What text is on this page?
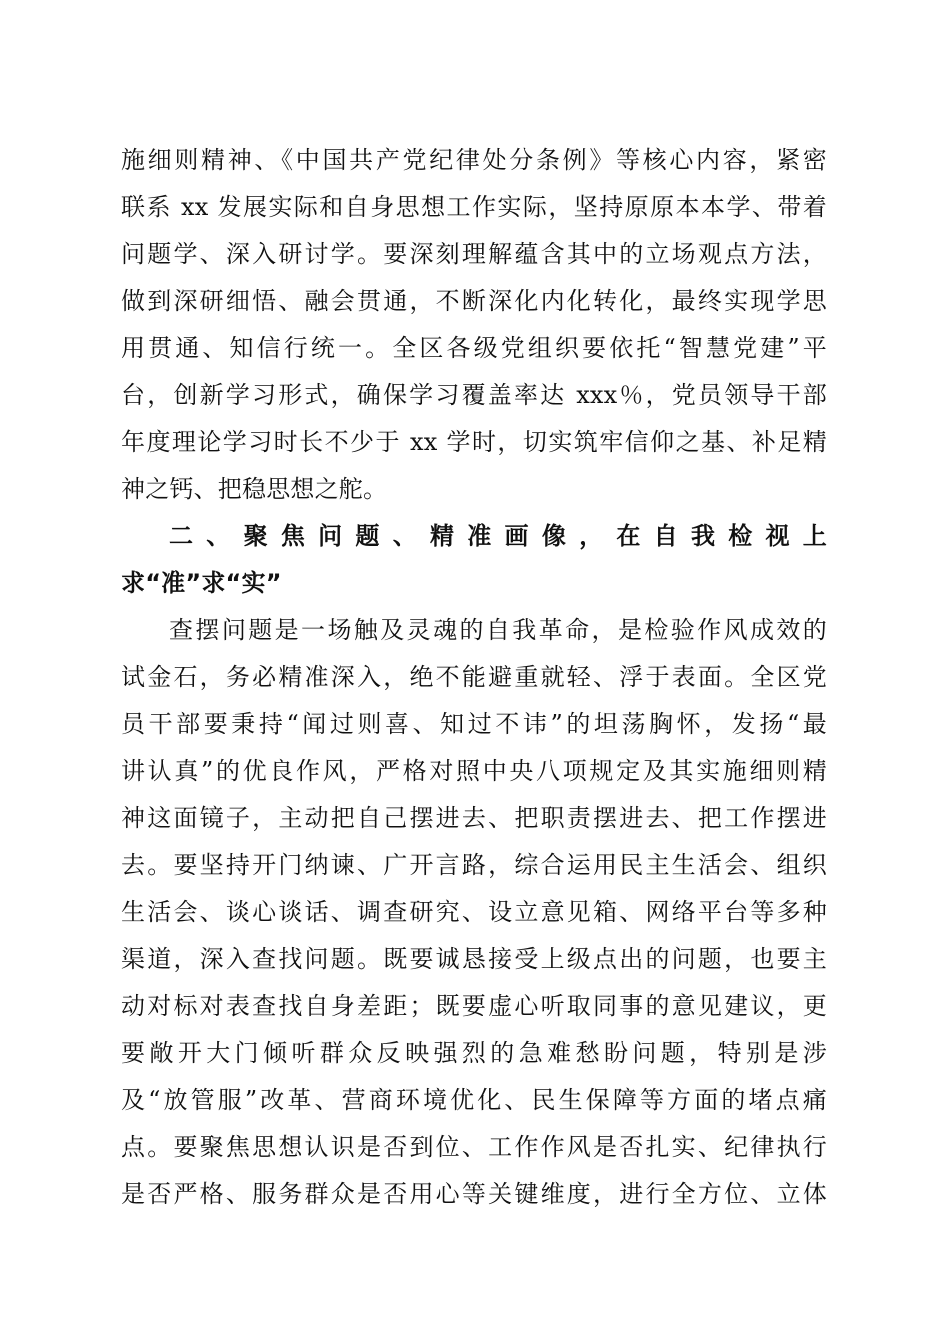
施细则精神、《中国共产党纪律处分条例》等核心内容，紧密

联系 xx 发展实际和自身思想工作实际，坚持原原本本学、带着

问题学、深入研讨学。要深刻理解蕴含其中的立场观点方法，

做到深研细悟、融会贯通，不断深化内化转化，最终实现学思

用贯通、知信行统一。全区各级党组织要依托“智慧党建”平

台，创新学习形式，确保学习覆盖率达 xxx％，党员领导干部

年度理论学习时长不少于 xx 学时，切实筑牢信仰之基、补足精

神之钙、把稳思想之舵。

二、聚焦问题、精准画像，在自我检视上

求“准”求“实”

查摆问题是一场触及灵魂的自我革命，是检验作风成效的

试金石，务必精准深入，绝不能避重就轻、浮于表面。全区党

员干部要秉持“闻过则喜、知过不讳”的坦荡胸怀，发扬“最

讲认真”的优良作风，严格对照中央八项规定及其实施细则精

神这面镜子，主动把自己摆进去、把职责摆进去、把工作摆进

去。要坚持开门纳谏、广开言路，综合运用民主生活会、组织

生活会、谈心谈话、调查研究、设立意见箱、网络平台等多种

渠道，深入查找问题。既要诚恳接受上级点出的问题，也要主

动对标对表查找自身差距；既要虚心听取同事的意见建议，更

要敞开大门倾听群众反映强烈的急难愁盼问题，特别是涉

及“放管服”改革、营商环境优化、民生保障等方面的堵点痛

点。要聚焦思想认识是否到位、工作作风是否扎实、纪律执行

是否严格、服务群众是否用心等关键维度，进行全方位、立体
